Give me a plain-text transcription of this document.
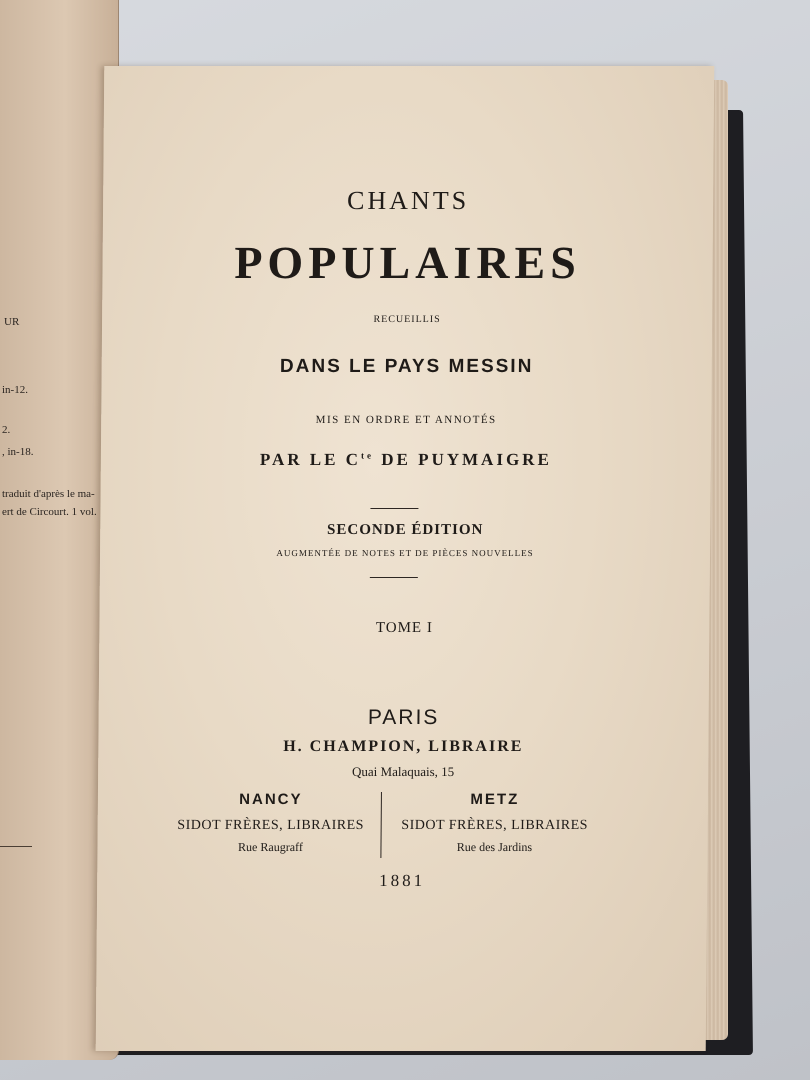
UR

in-12.

2.

, in-18.

traduit d'après le ma-

ert de Circourt. 1 vol.

CHANTS

POPULAIRES

RECUEILLIS

DANS LE PAYS MESSIN

MIS EN ORDRE ET ANNOTÉS

PAR LE $C^{te}$ DE PUYMAIGRE

SECONDE ÉDITION

AUGMENTÉE DE NOTES ET DE PIÈCES NOUVELLES

TOME I

PARIS

H. CHAMPION, LIBRAIRE

Quai Malaquais, 15

NANCY

SIDOT FRÈRES, LIBRAIRES

Rue Raugraff

METZ

SIDOT FRÈRES, LIBRAIRES

Rue des Jardins

1881
